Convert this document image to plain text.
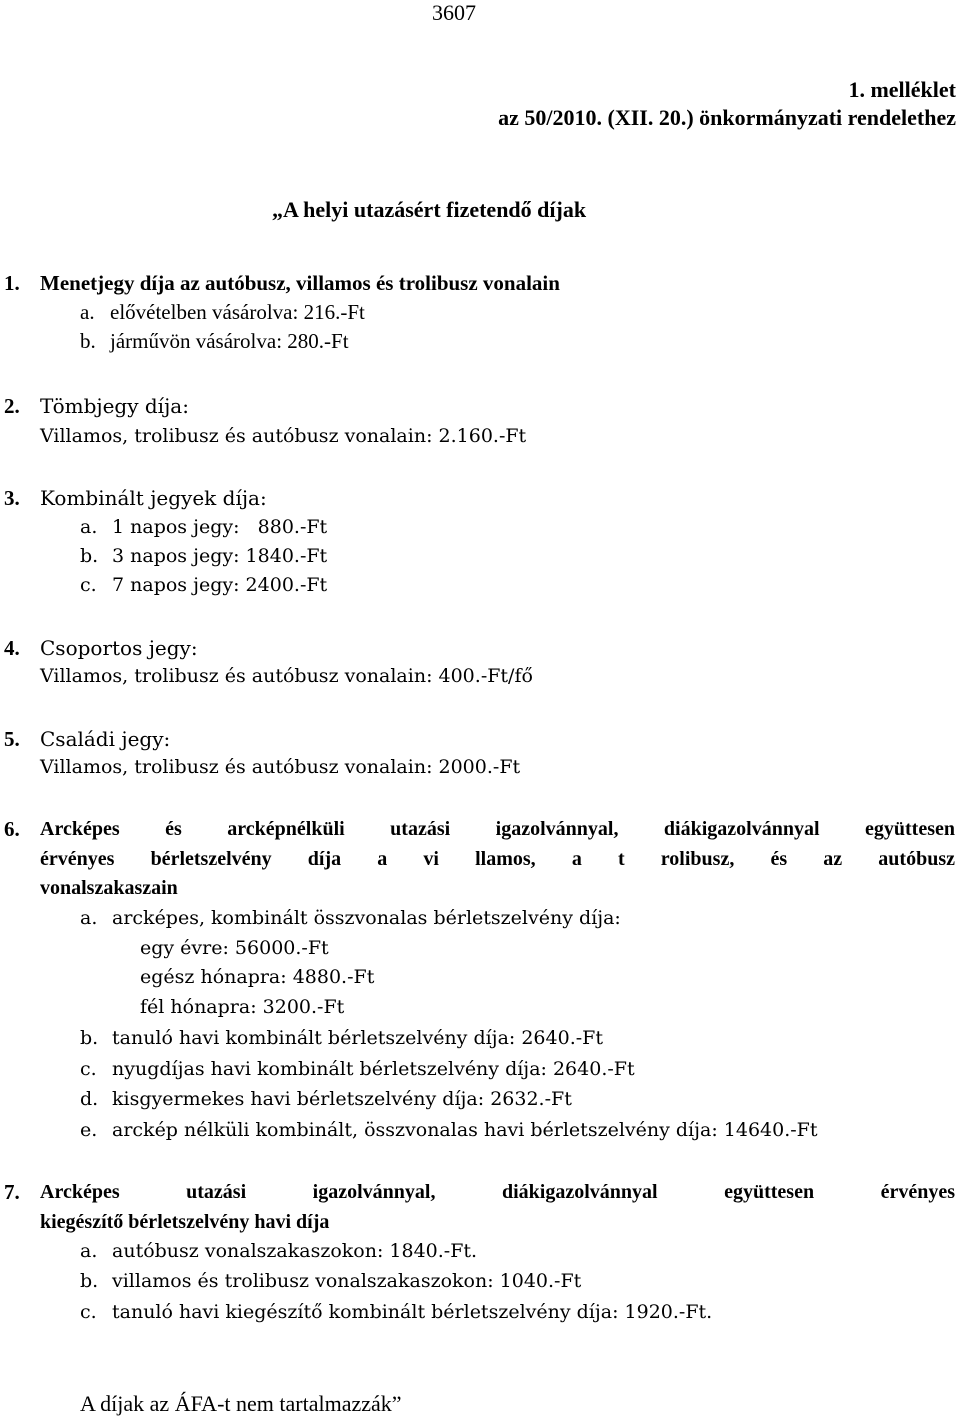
3607
1. melléklet
az 50/2010. (XII. 20.) önkormányzati rendelethez
„A helyi utazásért fizetendő díjak
1. Menetjegy díja az autóbusz, villamos és trolibusz vonalain
a. elővételben vásárolva: 216.-Ft
b. járművön vásárolva: 280.-Ft
2. Tömbjegy díja:
Villamos, trolibusz és autóbusz vonalain: 2.160.-Ft
3. Kombinált jegyek díja:
a. 1 napos jegy:   880.-Ft
b. 3 napos jegy: 1840.-Ft
c. 7 napos jegy: 2400.-Ft
4. Csoportos jegy:
Villamos, trolibusz és autóbusz vonalain: 400.-Ft/fő
5. Családi jegy:
Villamos, trolibusz és autóbusz vonalain: 2000.-Ft
6. Arcképes és arcképnélküli utazási igazolvánnyal, diákigazolvánnyal együttesen
érvényes bérletszelvény díja a vi llamos, a t rolibusz, és az autóbusz
vonalszakaszain
a. arcképes, kombinált összvonalas bérletszelvény díja:
egy évre: 56000.-Ft
egész hónapra: 4880.-Ft
fél hónapra: 3200.-Ft
b. tanuló havi kombinált bérletszelvény díja: 2640.-Ft
c. nyugdíjas havi kombinált bérletszelvény díja: 2640.-Ft
d. kisgyermekes havi bérletszelvény díja: 2632.-Ft
e. arckép nélküli kombinált, összvonalas havi bérletszelvény díja: 14640.-Ft
7. Arcképes utazási igazolvánnyal, diákigazolvánnyal együttesen érvényes
kiegészítő bérletszelvény havi díja
a. autóbusz vonalszakaszokon: 1840.-Ft.
b. villamos és trolibusz vonalszakaszokon: 1040.-Ft
c. tanuló havi kiegészítő kombinált bérletszelvény díja: 1920.-Ft.
A díjak az ÁFA-t nem tartalmazzák”
